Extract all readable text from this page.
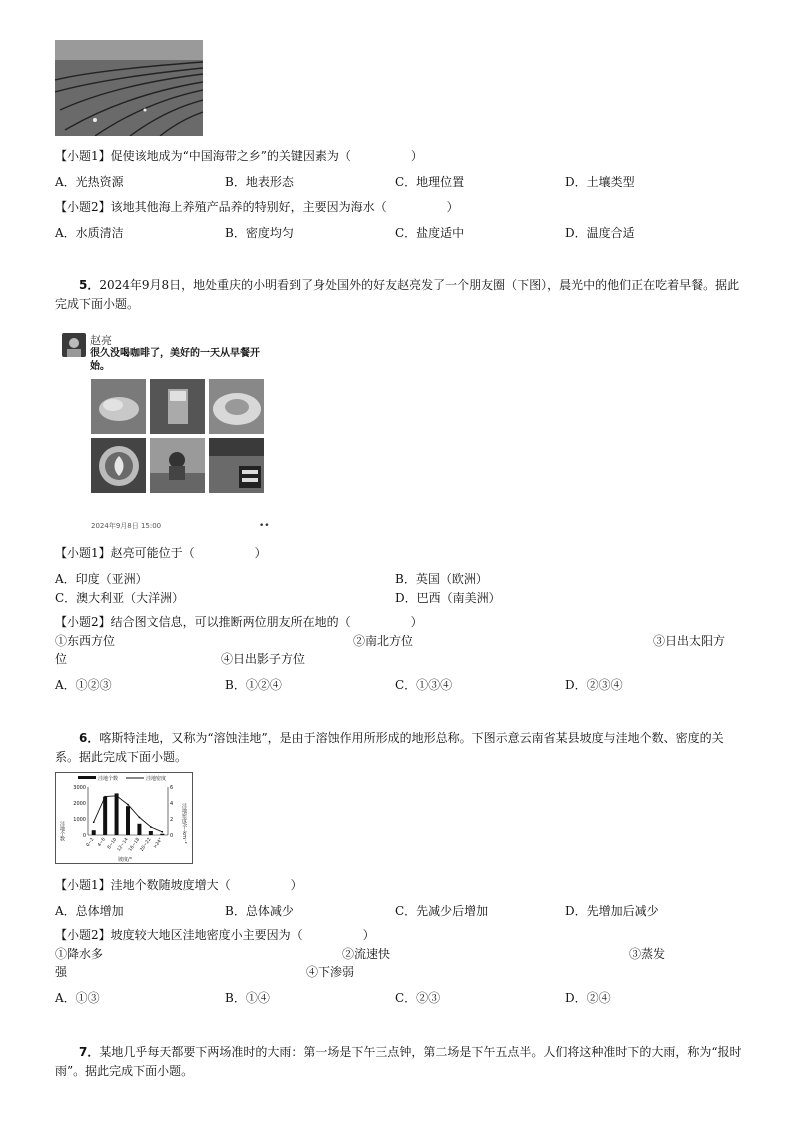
【小题1】促使该地成为“中国海带之乡”的关键因素为（　　　　　）
A．光热资源	B．地表形态	C．地理位置	D．土壤类型
【小题2】该地其他海上养殖产品养的特别好，主要因为海水（　　　　　）
A．水质清洁	B．密度均匀	C．盐度适中	D．温度合适
5．2024年9月8日，地处重庆的小明看到了身处国外的好友赵亮发了一个朋友圈（下图），晨光中的他们正在吃着早餐。据此完成下面小题。
赵亮
很久没喝咖啡了，美好的一天从早餐开始。
2024年9月8日 15:00	••
【小题1】赵亮可能位于（　　　　　）
A．印度（亚洲）	B．英国（欧洲）
C．澳大利亚（大洋洲）	D．巴西（南美洲）
【小题2】结合图文信息，可以推断两位朋友所在地的（　　　　　）
①东西方位	②南北方位	③日出太阳方
位	④日出影子方位
A．①②③	B．①②④	C．①③④	D．②③④
6．喀斯特洼地，又称为“溶蚀洼地”，是由于溶蚀作用所形成的地形总称。下图示意云南省某县坡度与洼地个数、密度的关系。据此完成下面小题。
洼地个数	洼地密度
洼地个数	洼地密度/个·km⁻²
坡度/°
0
1000
2000
3000
0
2
4
6
0~2 4~6 8~10
12~14
16~18
20~22 >24°
【小题1】洼地个数随坡度增大（　　　　　）
A．总体增加	B．总体减少	C．先减少后增加	D．先增加后减少
【小题2】坡度较大地区洼地密度小主要因为（　　　　　）
①降水多	②流速快	③蒸发
强	④下渗弱
A．①③	B．①④	C．②③	D．②④
7．某地几乎每天都要下两场准时的大雨：第一场是下午三点钟，第二场是下午五点半。人们将这种准时下的大雨，称为“报时雨”。据此完成下面小题。
